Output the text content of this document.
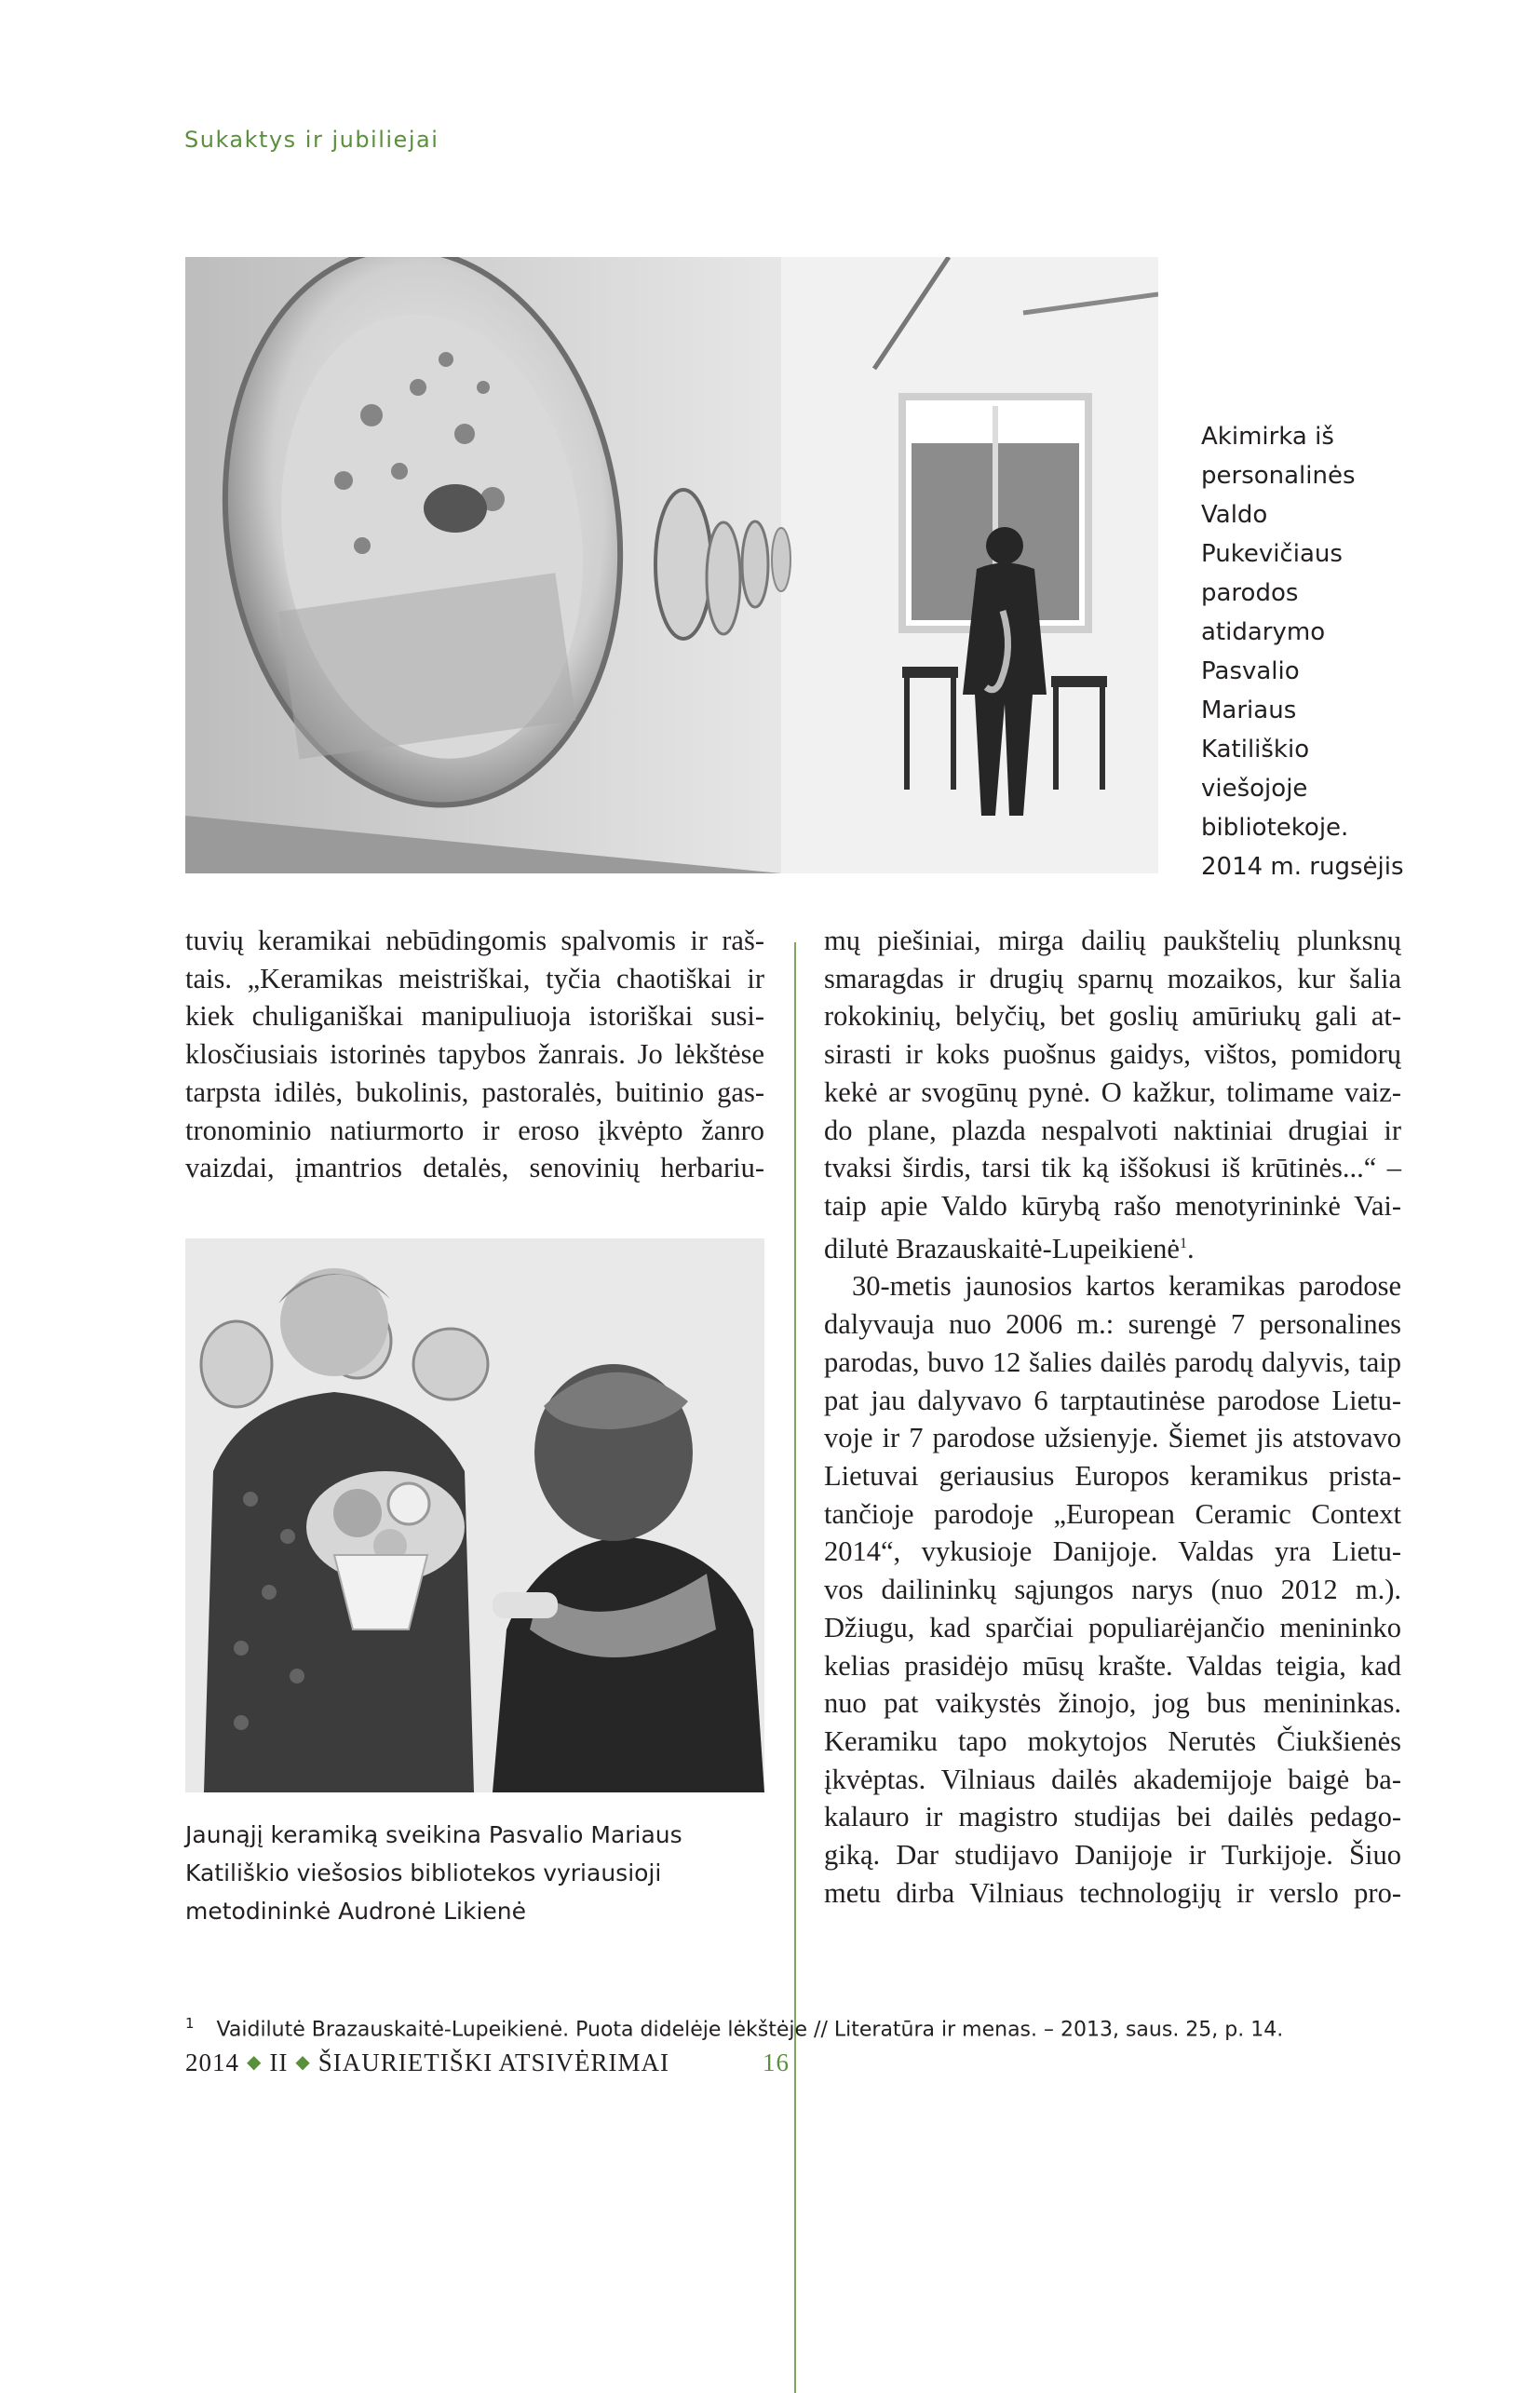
Sukaktys ir jubiliejai
Akimirka iš
personalinės
Valdo
Pukevičiaus
parodos
atidarymo
Pasvalio
Mariaus
Katiliškio
viešojoje
bibliotekoje.
2014 m. rugsėjis
tuvių keramikai nebūdingomis spalvomis ir raš-
tais. „Keramikas meistriškai, tyčia chaotiškai ir
kiek chuliganiškai manipuliuoja istoriškai susi-
klosčiusiais istorinės tapybos žanrais. Jo lėkštėse
tarpsta idilės, bukolinis, pastoralės, buitinio gas-
tronominio natiurmorto ir eroso įkvėpto žanro
vaizdai, įmantrios detalės, senovinių herbariu-
Jaunąjį keramiką sveikina Pasvalio Mariaus
Katiliškio viešosios bibliotekos vyriausioji
metodininkė Audronė Likienė
mų piešiniai, mirga dailių paukštelių plunksnų
smaragdas ir drugių sparnų mozaikos, kur šalia
rokokinių, belyčių, bet goslių amūriukų gali at-
sirasti ir koks puošnus gaidys, vištos, pomidorų
kekė ar svogūnų pynė. O kažkur, tolimame vaiz-
do plane, plazda nespalvoti naktiniai drugiai ir
tvaksi širdis, tarsi tik ką iššokusi iš krūtinės...“ –
taip apie Valdo kūrybą rašo menotyrininkė Vai-
dilutė Brazauskaitė-Lupeikienė$^1$.
30-metis jaunosios kartos keramikas parodose
dalyvauja nuo 2006 m.: surengė 7 personalines
parodas, buvo 12 šalies dailės parodų dalyvis, taip
pat jau dalyvavo 6 tarptautinėse parodose Lietu-
voje ir 7 parodose užsienyje. Šiemet jis atstovavo
Lietuvai geriausius Europos keramikus prista-
tančioje parodoje „European Ceramic Context
2014“, vykusioje Danijoje. Valdas yra Lietu-
vos dailininkų sąjungos narys (nuo 2012 m.).
Džiugu, kad sparčiai populiarėjančio menininko
kelias prasidėjo mūsų krašte. Valdas teigia, kad
nuo pat vaikystės žinojo, jog bus menininkas.
Keramiku tapo mokytojos Nerutės Čiukšienės
įkvėptas. Vilniaus dailės akademijoje baigė ba-
kalauro ir magistro studijas bei dailės pedago-
giką. Dar studijavo Danijoje ir Turkijoje. Šiuo
metu dirba Vilniaus technologijų ir verslo pro-
$^1$ Vaidilutė Brazauskaitė-Lupeikienė. Puota didelėje lėkštėje // Literatūra ir menas. – 2013, saus. 25, p. 14.
2014 ◆ II ◆ ŠIAURIETIŠKI ATSIVĖRIMAI	16
